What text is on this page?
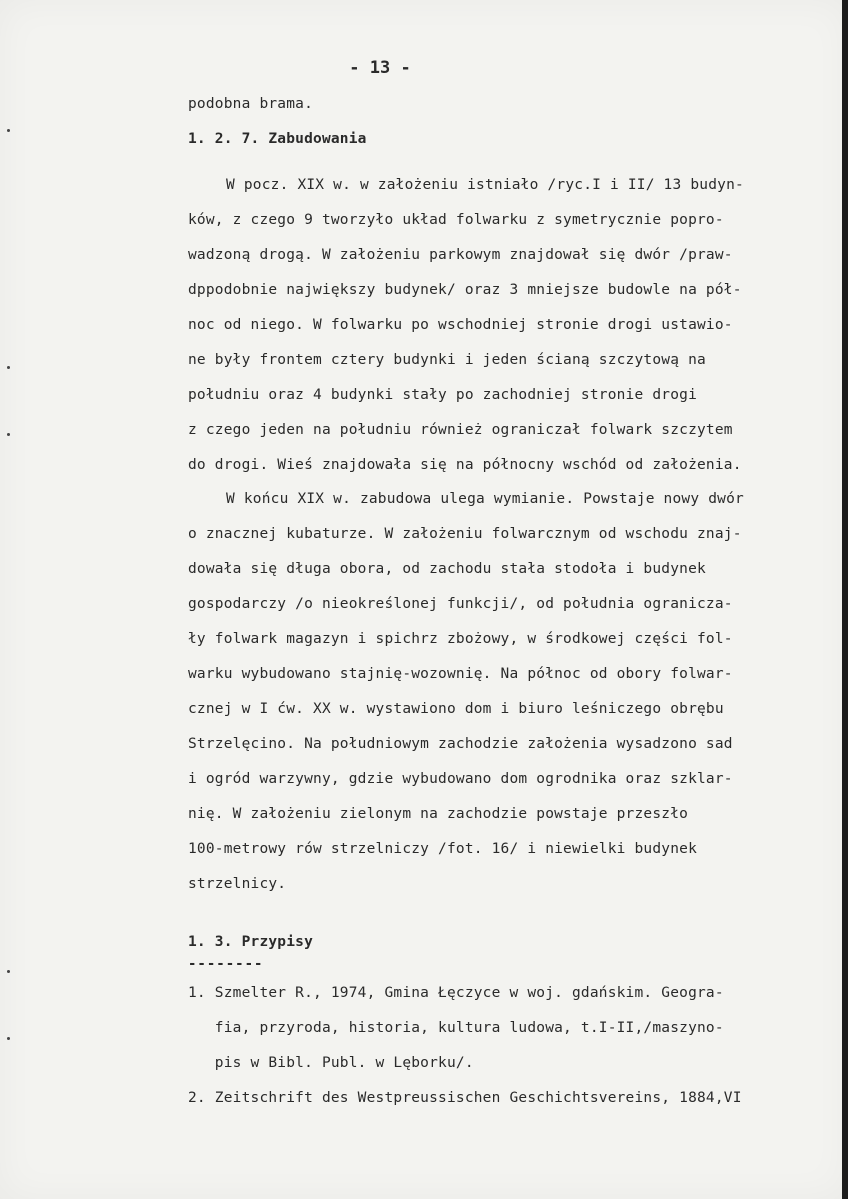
- 13 -
podobna brama.
1. 2. 7. Zabudowania
W pocz. XIX w. w założeniu istniało /ryc.I i II/ 13 budyn-
ków, z czego 9 tworzyło układ folwarku z symetrycznie popro-
wadzoną drogą. W założeniu parkowym znajdował się dwór /praw-
dppodobnie największy budynek/ oraz 3 mniejsze budowle na pół-
noc od niego. W folwarku po wschodniej stronie drogi ustawio-
ne były frontem cztery budynki i jeden ścianą szczytową na
południu oraz 4 budynki stały po zachodniej stronie drogi
z czego jeden na południu również ograniczał folwark szczytem
do drogi. Wieś znajdowała się na północny wschód od założenia.
W końcu XIX w. zabudowa ulega wymianie. Powstaje nowy dwór
o znacznej kubaturze. W założeniu folwarcznym od wschodu znaj-
dowała się długa obora, od zachodu stała stodoła i budynek
gospodarczy /o nieokreślonej funkcji/, od południa ogranicza-
ły folwark magazyn i spichrz zbożowy, w środkowej części fol-
warku wybudowano stajnię-wozownię. Na północ od obory folwar-
cznej w I ćw. XX w. wystawiono dom i biuro leśniczego obrębu
Strzelęcino. Na południowym zachodzie założenia wysadzono sad
i ogród warzywny, gdzie wybudowano dom ogrodnika oraz szklar-
nię. W założeniu zielonym na zachodzie powstaje przeszło
100-metrowy rów strzelniczy /fot. 16/ i niewielki budynek
strzelnicy.
1. 3. Przypisy
--------
1. Szmelter R., 1974, Gmina Łęczyce w woj. gdańskim. Geogra-
fia, przyroda, historia, kultura ludowa, t.I-II,/maszyno-
pis w Bibl. Publ. w Lęborku/.
2. Zeitschrift des Westpreussischen Geschichtsvereins, 1884,VI
